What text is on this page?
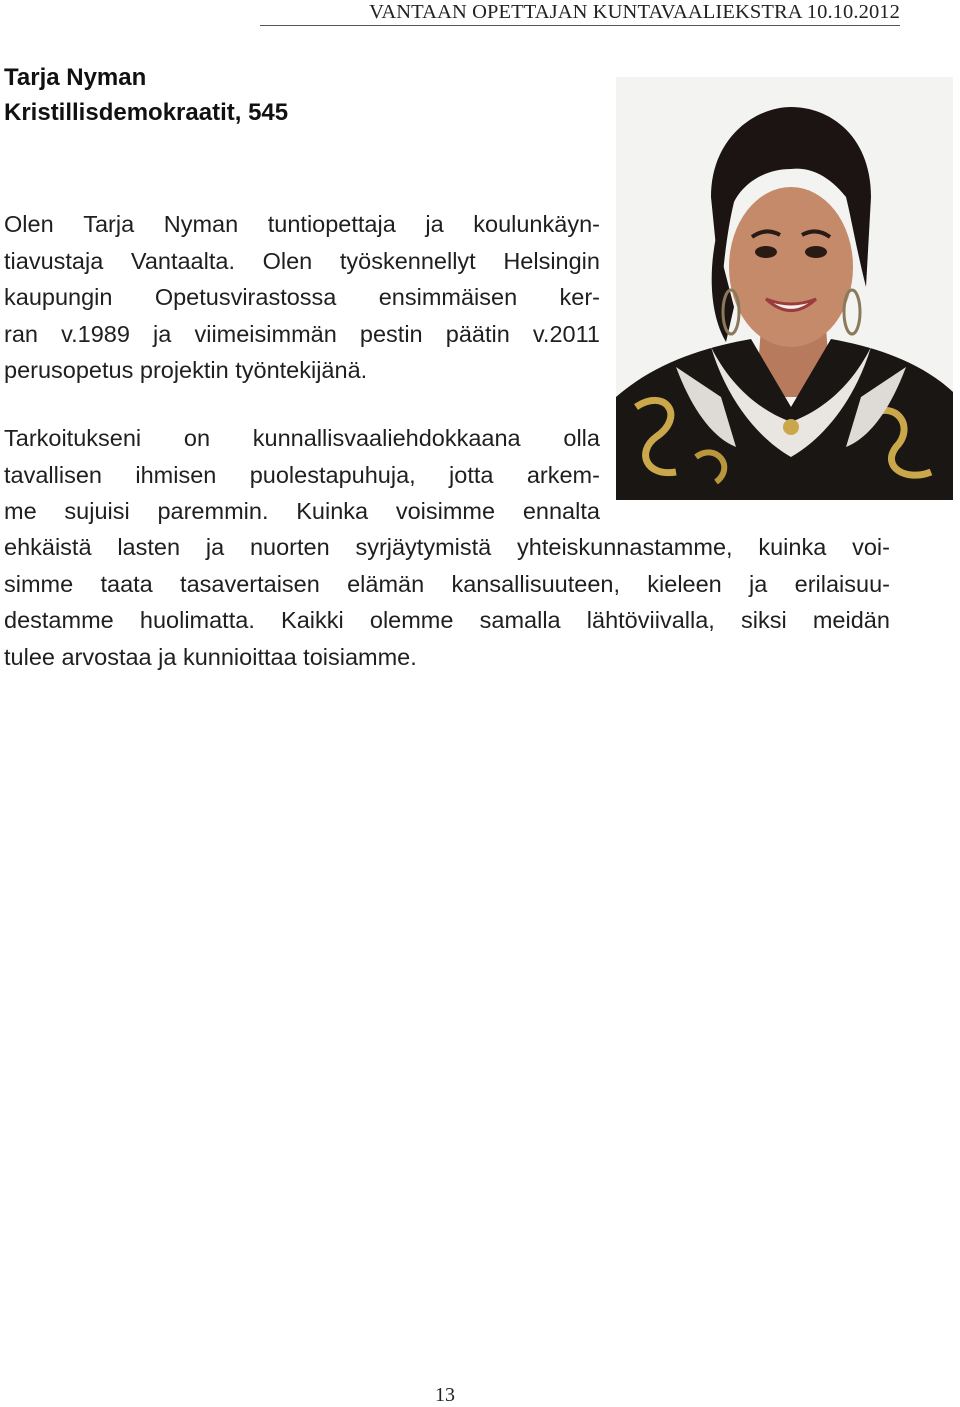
VANTAAN OPETTAJAN KUNTAVAALIEKSTRA 10.10.2012
Tarja Nyman
Kristillisdemokraatit, 545
Olen Tarja Nyman tuntiopettaja ja koulunkäyn-
tiavustaja Vantaalta. Olen työskennellyt Helsingin
kaupungin Opetusvirastossa ensimmäisen ker-
ran v.1989 ja viimeisimmän pestin päätin v.2011
perusopetus projektin työntekijänä.
Tarkoitukseni on kunnallisvaaliehdokkaana olla
tavallisen ihmisen puolestapuhuja, jotta arkem-
me sujuisi paremmin. Kuinka voisimme ennalta
ehkäistä lasten ja nuorten syrjäytymistä yhteiskunnastamme, kuinka voi-
simme taata tasavertaisen elämän kansallisuuteen, kieleen ja erilaisuu-
destamme huolimatta. Kaikki olemme samalla lähtöviivalla, siksi meidän
tulee arvostaa ja kunnioittaa toisiamme.
13
